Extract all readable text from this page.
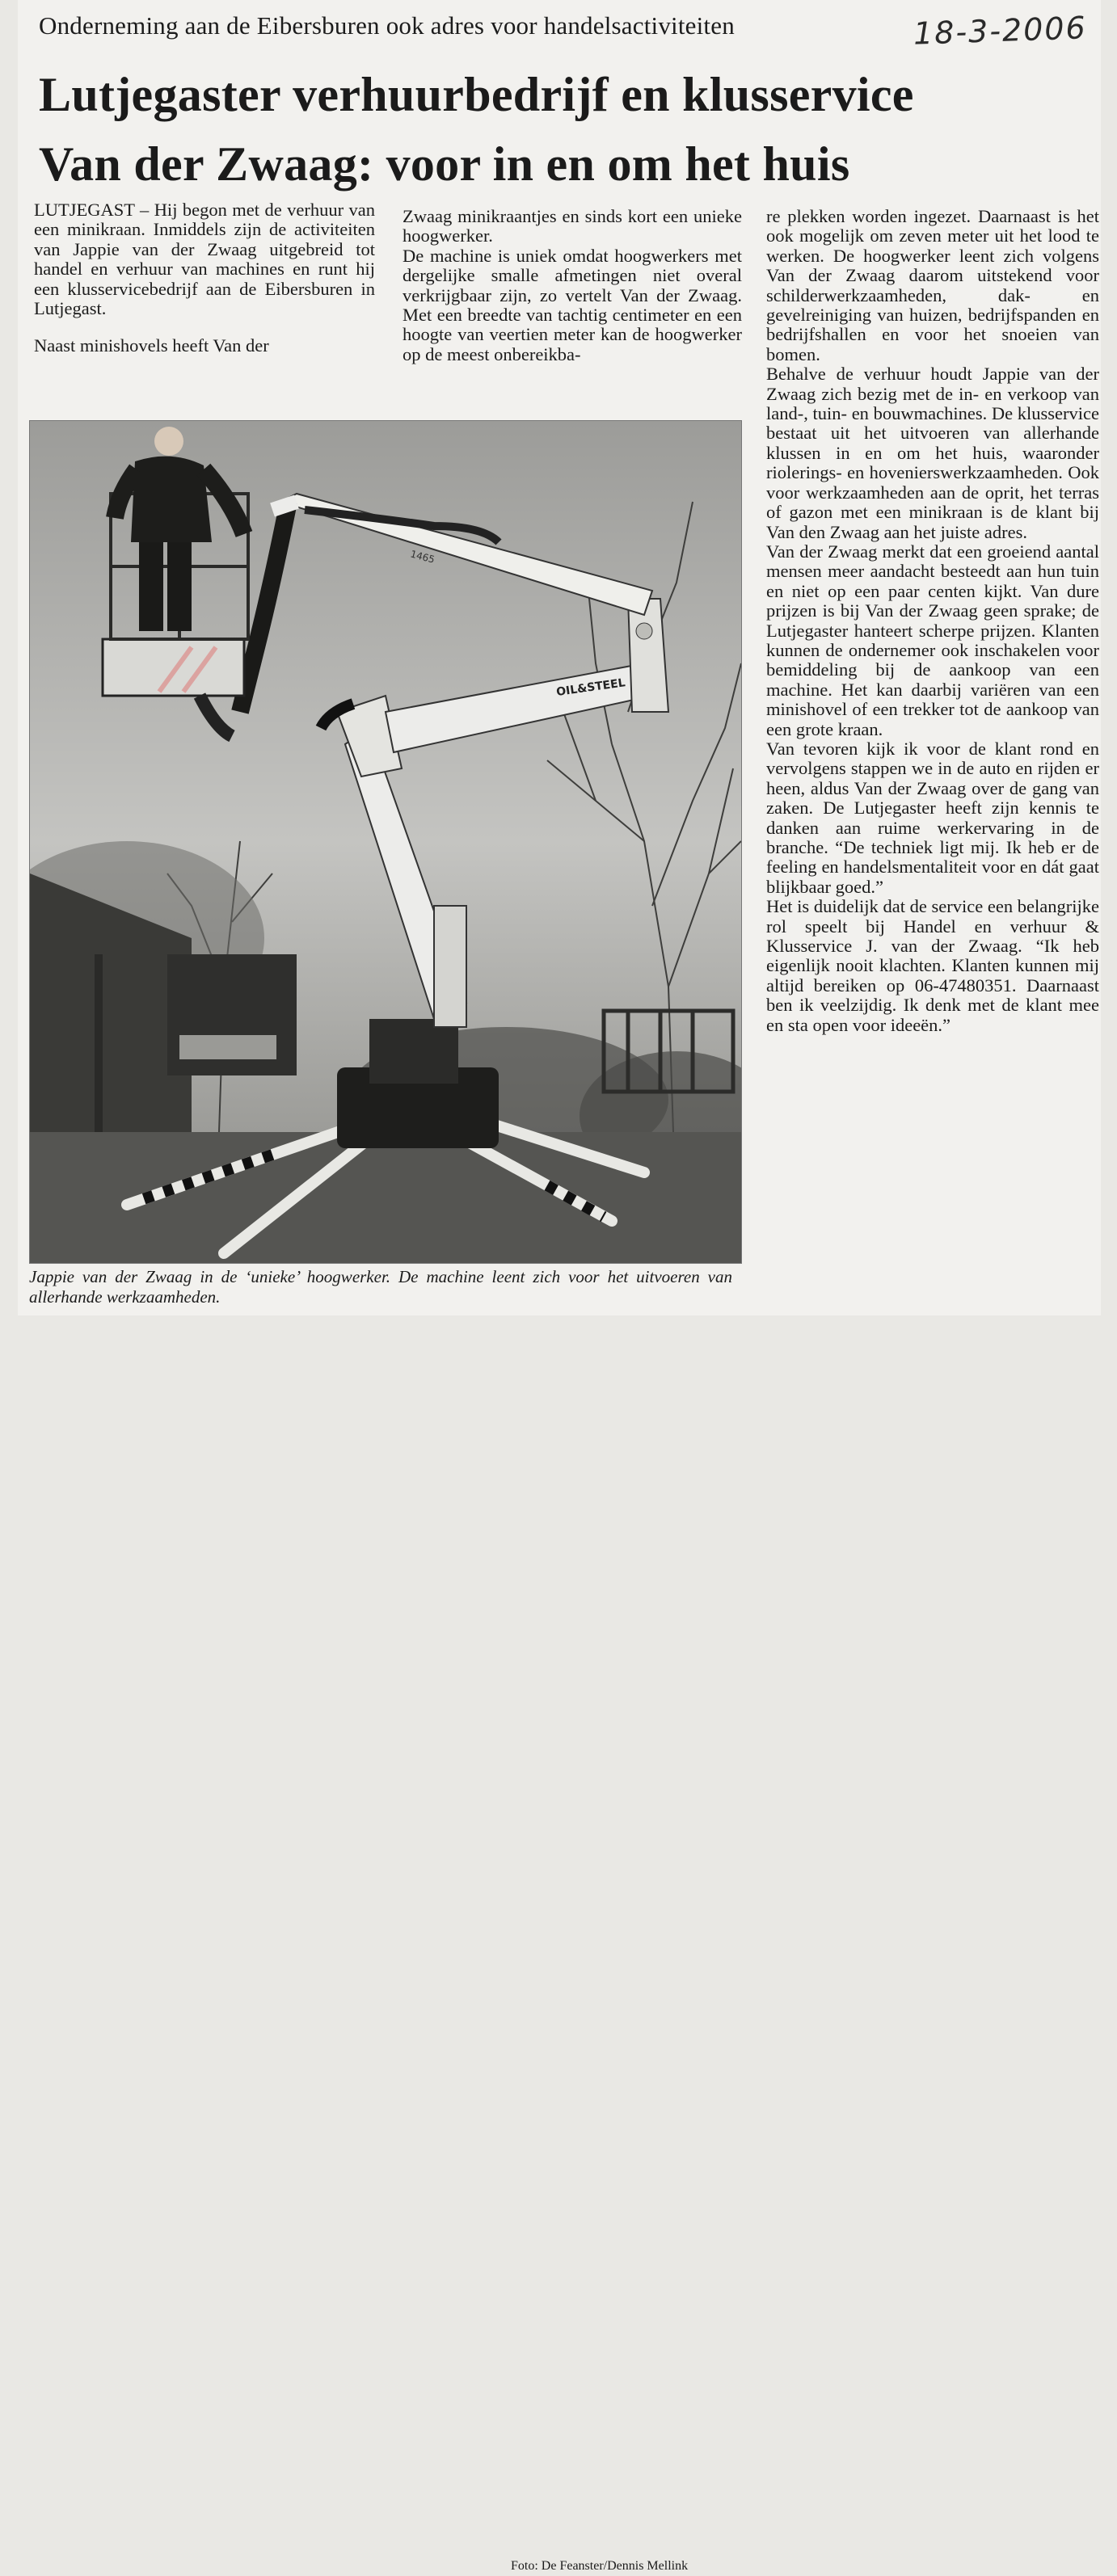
Onderneming aan de Eibersburen ook adres voor handelsactiviteiten	18-3-2006
Lutjegaster verhuurbedrijf en klusservice
Van der Zwaag: voor in en om het huis

LUTJEGAST – Hij begon met de verhuur van een minikraan. Inmiddels zijn de activiteiten van Jappie van der Zwaag uitgebreid tot handel en verhuur van machines en runt hij een klusservicebedrijf aan de Eibersburen in Lutjegast.

Naast minishovels heeft Van der

Zwaag minikraantjes en sinds kort een unieke hoogwerker.

De machine is uniek omdat hoogwerkers met dergelijke smalle afmetingen niet overal verkrijgbaar zijn, zo vertelt Van der Zwaag. Met een breedte van tachtig centimeter en een hoogte van veertien meter kan de hoogwerker op de meest onbereikba-

re plekken worden ingezet. Daarnaast is het ook mogelijk om zeven meter uit het lood te werken. De hoogwerker leent zich volgens Van der Zwaag daarom uitstekend voor schilderwerkzaamheden, dak- en gevelreiniging van huizen, bedrijfspanden en bedrijfshallen en voor het snoeien van bomen.

Behalve de verhuur houdt Jappie van der Zwaag zich bezig met de in- en verkoop van land-, tuin- en bouwmachines. De klusservice bestaat uit het uitvoeren van allerhande klussen in en om het huis, waaronder riolerings- en hovenierswerkzaamheden. Ook voor werkzaamheden aan de oprit, het terras of gazon met een minikraan is de klant bij Van den Zwaag aan het juiste adres.

Van der Zwaag merkt dat een groeiend aantal mensen meer aandacht besteedt aan hun tuin en niet op een paar centen kijkt. Van dure prijzen is bij Van der Zwaag geen sprake; de Lutjegaster hanteert scherpe prijzen. Klanten kunnen de ondernemer ook inschakelen voor bemiddeling bij de aankoop van een machine. Het kan daarbij variëren van een minishovel of een trekker tot de aankoop van een grote kraan.

Van tevoren kijk ik voor de klant rond en vervolgens stappen we in de auto en rijden er heen, aldus Van der Zwaag over de gang van zaken. De Lutjegaster heeft zijn kennis te danken aan ruime werkervaring in de branche. “De techniek ligt mij. Ik heb er de feeling en handelsmentaliteit voor en dát gaat blijkbaar goed.”

Het is duidelijk dat de service een belangrijke rol speelt bij Handel en verhuur & Klusservice J. van der Zwaag. “Ik heb eigenlijk nooit klachten. Klanten kunnen mij altijd bereiken op 06-47480351. Daarnaast ben ik veelzijdig. Ik denk met de klant mee en sta open voor ideeën.”

OIL&STEEL
1465
Jappie van der Zwaag in de ‘unieke’ hoogwerker. De machine leent zich voor het uitvoeren van allerhande werkzaamheden.
Foto: De Feanster/Dennis Mellink
